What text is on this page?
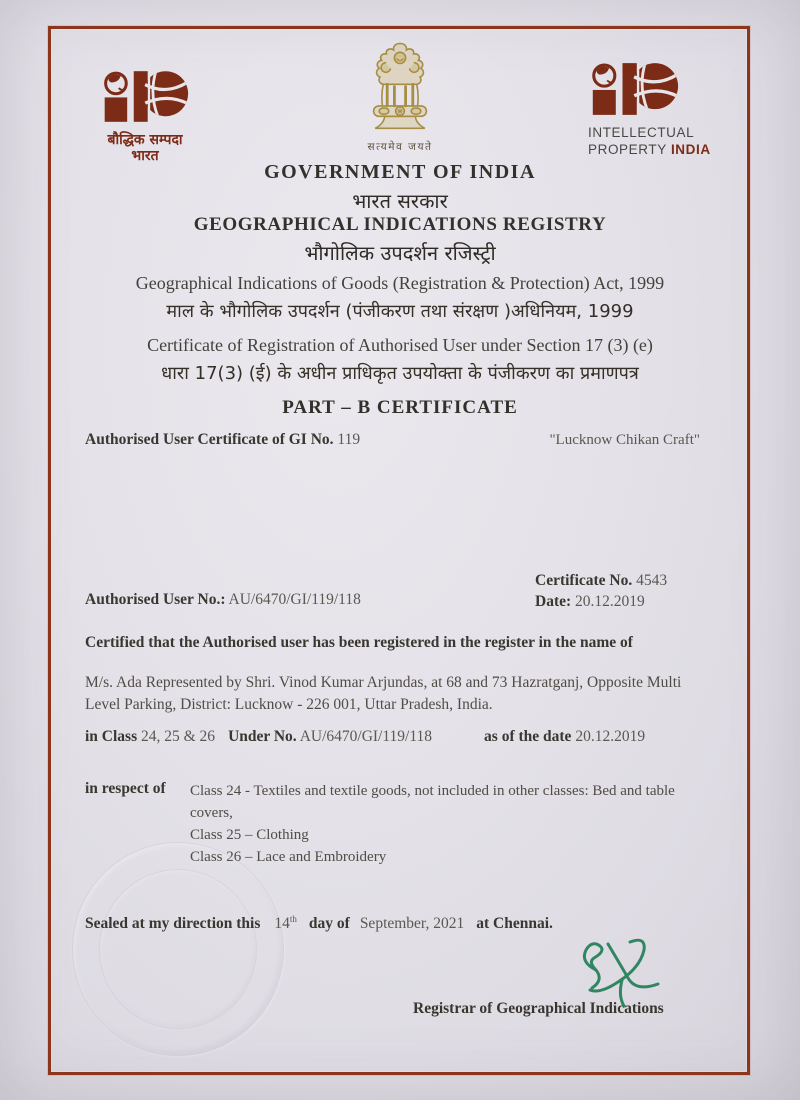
बौद्धिक सम्पदा
भारत
सत्यमेव जयते
INTELLECTUAL
PROPERTY INDIA
GOVERNMENT OF INDIA
भारत सरकार
GEOGRAPHICAL INDICATIONS REGISTRY
भौगोलिक उपदर्शन रजिस्ट्री
Geographical Indications of Goods (Registration & Protection) Act, 1999
माल के भौगोलिक उपदर्शन (पंजीकरण तथा संरक्षण )अधिनियम, 1999
Certificate of Registration of Authorised User under Section 17 (3) (e)
धारा 17(3) (ई) के अधीन प्राधिकृत उपयोक्ता के पंजीकरण का प्रमाणपत्र
PART – B CERTIFICATE
Authorised User Certificate of GI No. 119	"Lucknow Chikan Craft"
Certificate No. 4543
Date: 20.12.2019
Authorised User No.: AU/6470/GI/119/118
Certified that the Authorised user has been registered in the register in the name of
M/s. Ada Represented by Shri. Vinod Kumar Arjundas, at 68 and 73 Hazratganj, Opposite Multi Level Parking, District: Lucknow - 226 001, Uttar Pradesh, India.
in Class 24, 25 & 26 Under No. AU/6470/GI/119/118	as of the date 20.12.2019
in respect of Class 24 - Textiles and textile goods, not included in other classes: Bed and table covers,
Class 25 – Clothing
Class 26 – Lace and Embroidery
Sealed at my direction this 14th day of September, 2021 at Chennai.
Registrar of Geographical Indications
